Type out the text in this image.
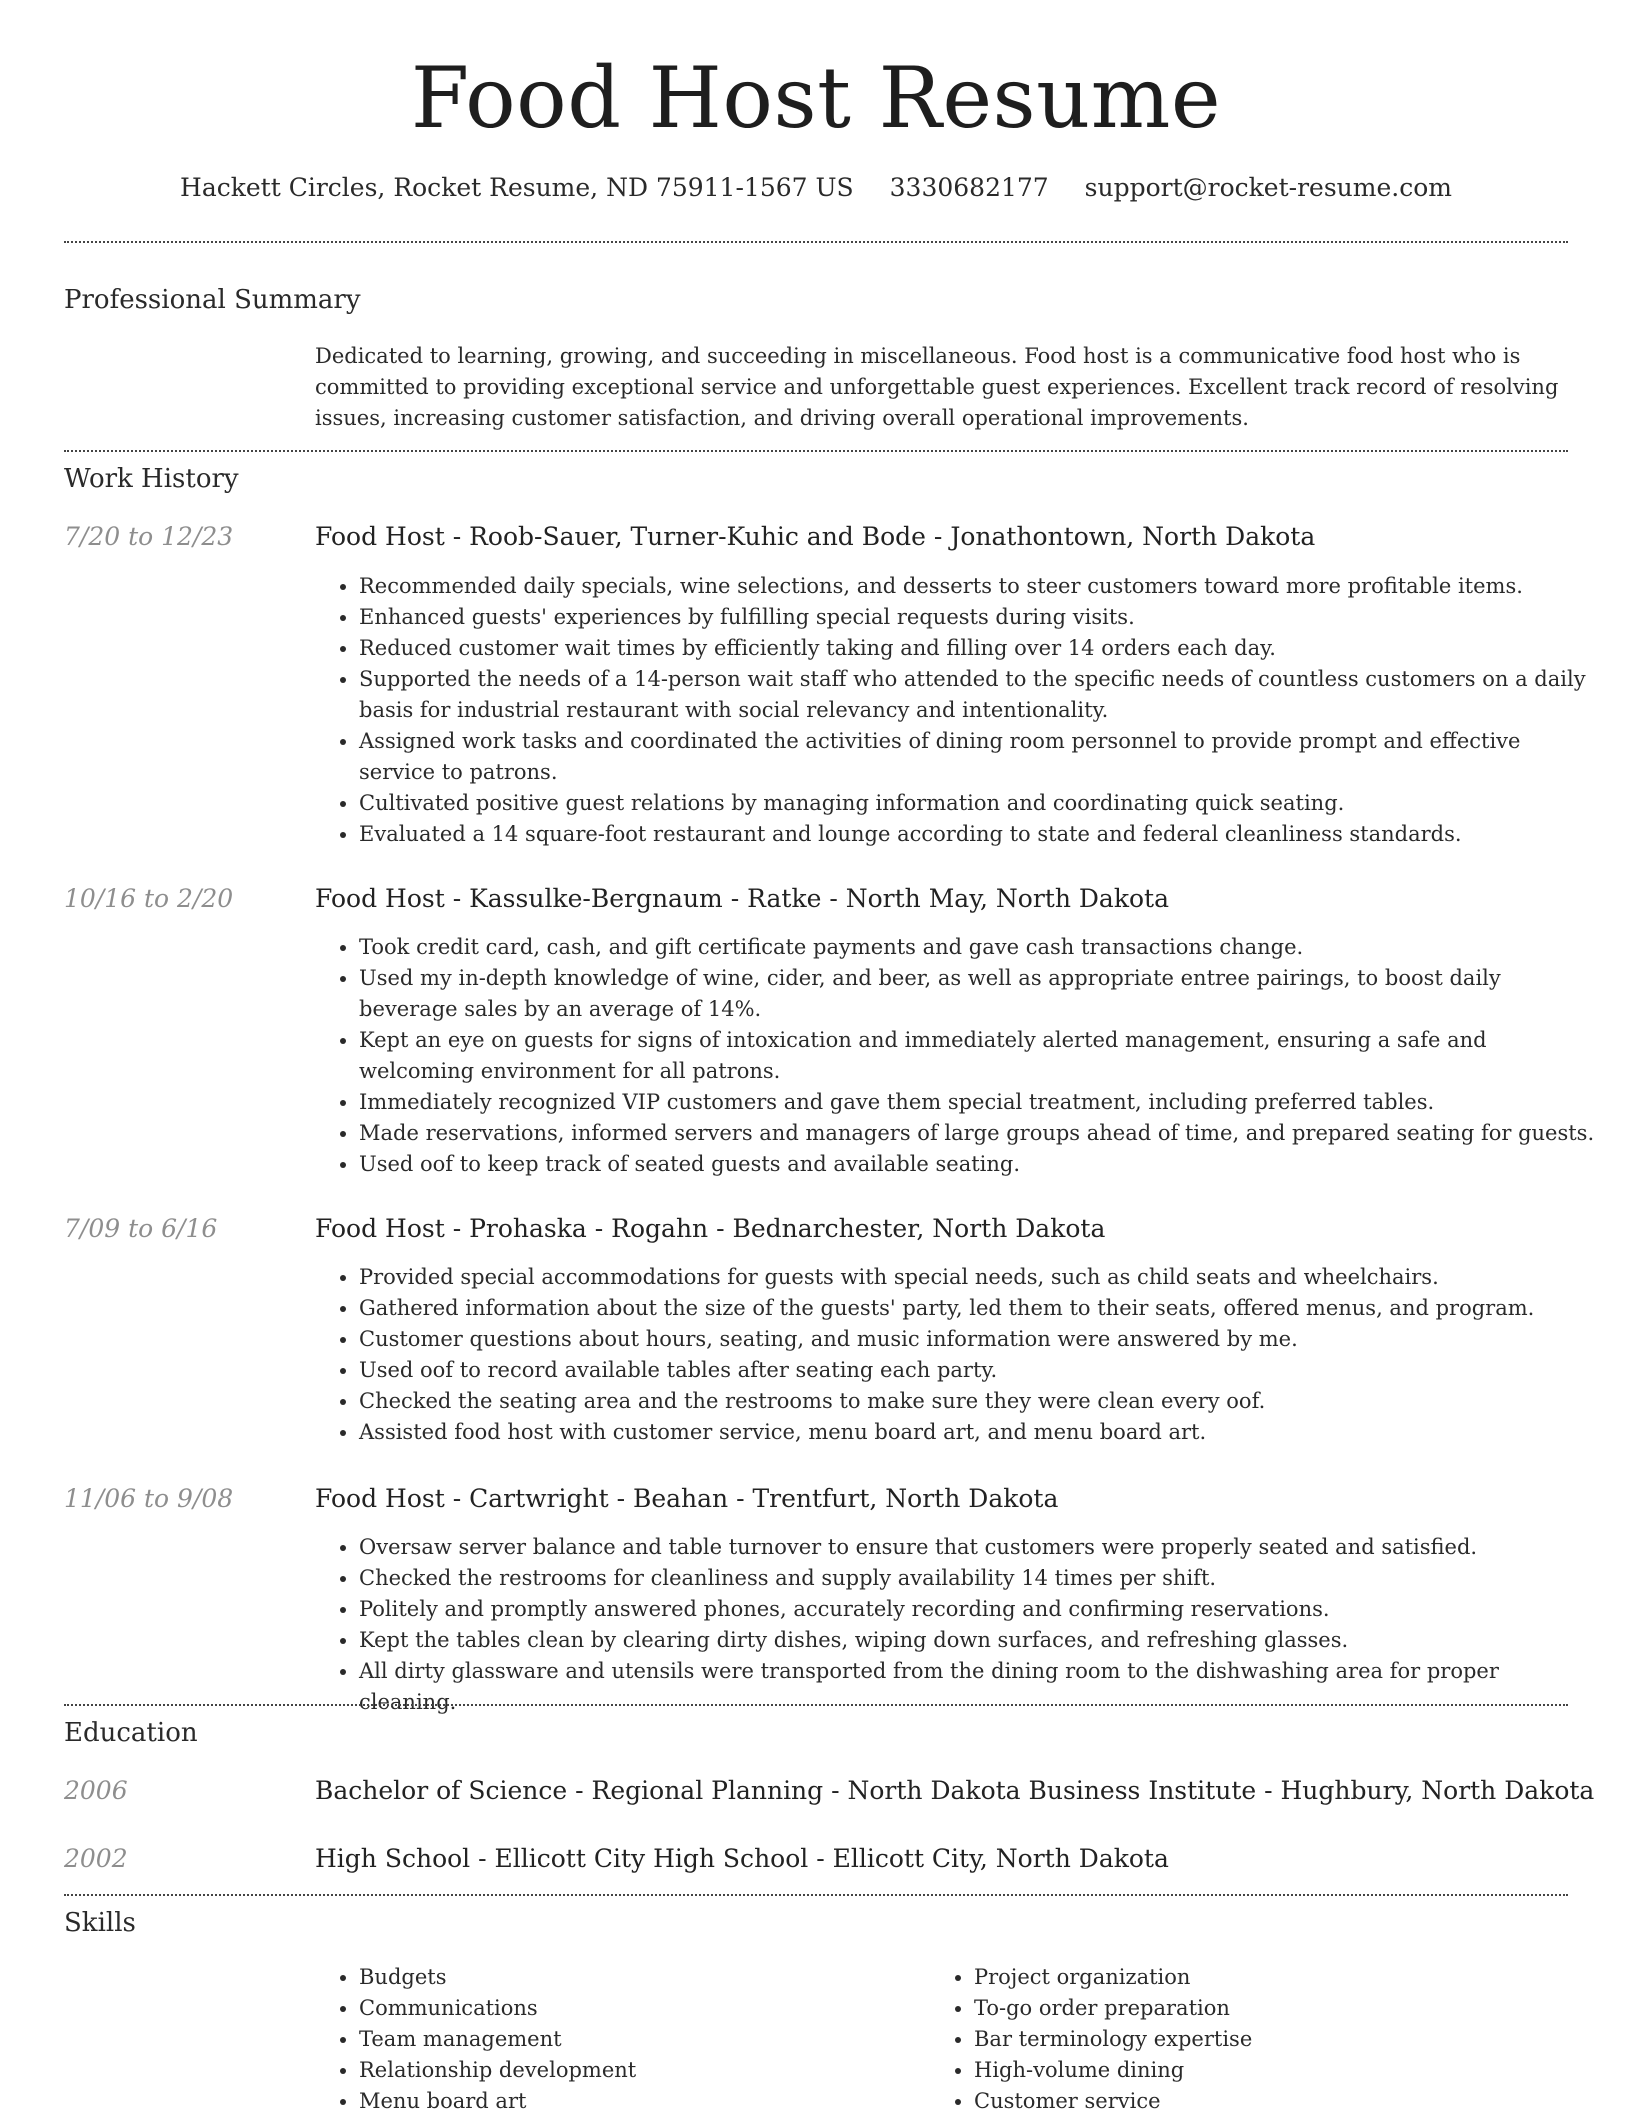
Food Host Resume
Hackett Circles, Rocket Resume, ND 75911-1567 US 3330682177 support@rocket-resume.com
Professional Summary

Dedicated to learning, growing, and succeeding in miscellaneous. Food host is a communicative food host who is committed to providing exceptional service and unforgettable guest experiences. Excellent track record of resolving issues, increasing customer satisfaction, and driving overall operational improvements.

Work History
7/20 to 12/23	Food Host - Roob-Sauer, Turner-Kuhic and Bode - Jonathontown, North Dakota
• Recommended daily specials, wine selections, and desserts to steer customers toward more profitable items.
• Enhanced guests' experiences by fulfilling special requests during visits.
• Reduced customer wait times by efficiently taking and filling over 14 orders each day.
• Supported the needs of a 14-person wait staff who attended to the specific needs of countless customers on a daily basis for industrial restaurant with social relevancy and intentionality.
• Assigned work tasks and coordinated the activities of dining room personnel to provide prompt and effective service to patrons.
• Cultivated positive guest relations by managing information and coordinating quick seating.
• Evaluated a 14 square-foot restaurant and lounge according to state and federal cleanliness standards.
10/16 to 2/20	Food Host - Kassulke-Bergnaum - Ratke - North May, North Dakota
• Took credit card, cash, and gift certificate payments and gave cash transactions change.
• Used my in-depth knowledge of wine, cider, and beer, as well as appropriate entree pairings, to boost daily beverage sales by an average of 14%.
• Kept an eye on guests for signs of intoxication and immediately alerted management, ensuring a safe and welcoming environment for all patrons.
• Immediately recognized VIP customers and gave them special treatment, including preferred tables.
• Made reservations, informed servers and managers of large groups ahead of time, and prepared seating for guests.
• Used oof to keep track of seated guests and available seating.
7/09 to 6/16	Food Host - Prohaska - Rogahn - Bednarchester, North Dakota
• Provided special accommodations for guests with special needs, such as child seats and wheelchairs.
• Gathered information about the size of the guests' party, led them to their seats, offered menus, and program.
• Customer questions about hours, seating, and music information were answered by me.
• Used oof to record available tables after seating each party.
• Checked the seating area and the restrooms to make sure they were clean every oof.
• Assisted food host with customer service, menu board art, and menu board art.
11/06 to 9/08	Food Host - Cartwright - Beahan - Trentfurt, North Dakota
• Oversaw server balance and table turnover to ensure that customers were properly seated and satisfied.
• Checked the restrooms for cleanliness and supply availability 14 times per shift.
• Politely and promptly answered phones, accurately recording and confirming reservations.
• Kept the tables clean by clearing dirty dishes, wiping down surfaces, and refreshing glasses.
• All dirty glassware and utensils were transported from the dining room to the dishwashing area for proper cleaning.
Education
2006	Bachelor of Science - Regional Planning - North Dakota Business Institute - Hughbury, North Dakota
2002	High School - Ellicott City High School - Ellicott City, North Dakota
Skills
• Budgets
• Communications
• Team management
• Relationship development
• Menu board art
• Project organization
• To-go order preparation
• Bar terminology expertise
• High-volume dining
• Customer service
